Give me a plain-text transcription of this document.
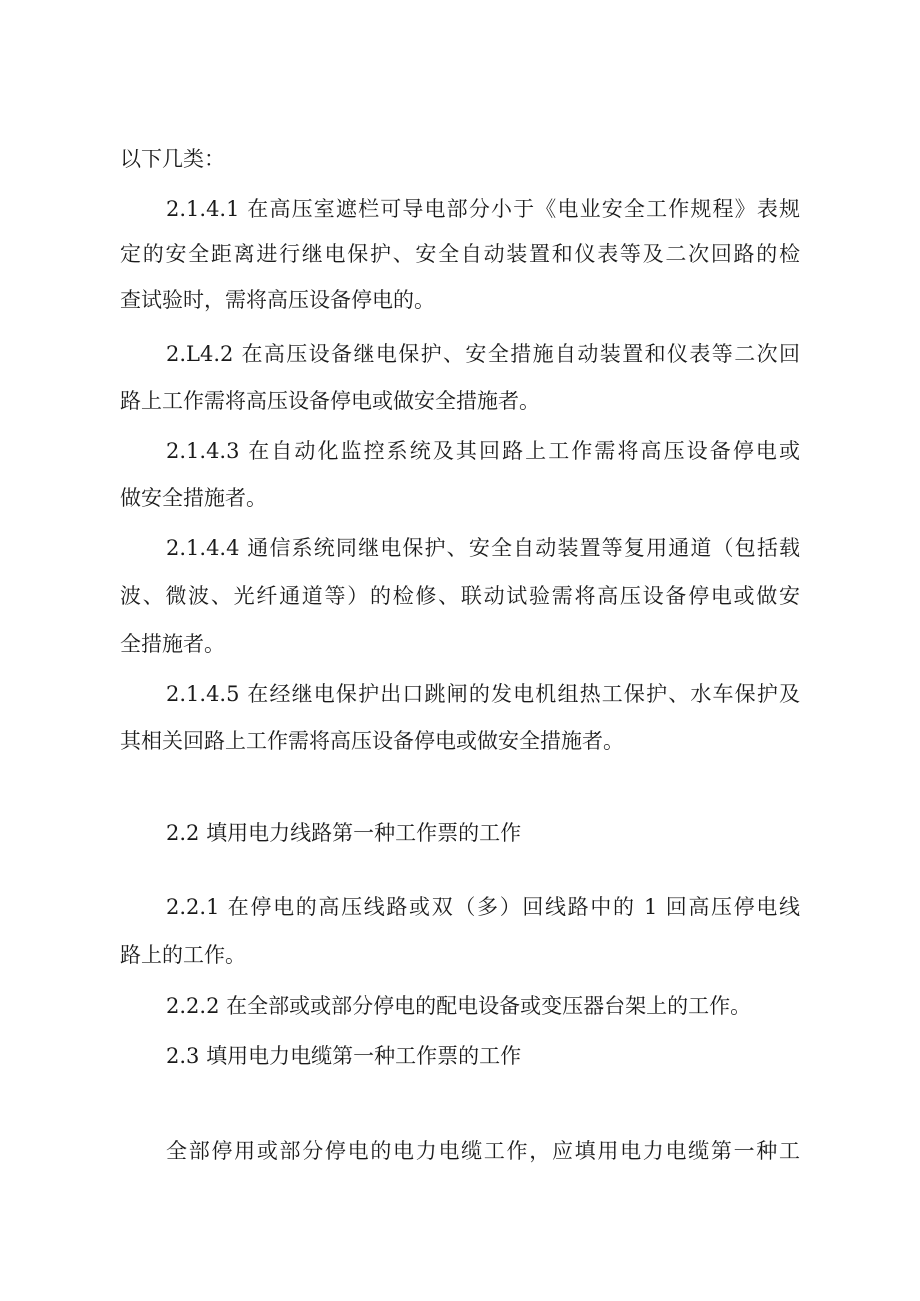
以下几类：

2.1.4.1 在高压室遮栏可导电部分小于《电业安全工作规程》表规

定的安全距离进行继电保护、安全自动装置和仪表等及二次回路的检

查试验时，需将高压设备停电的。

2.L4.2 在高压设备继电保护、安全措施自动装置和仪表等二次回

路上工作需将高压设备停电或做安全措施者。

2.1.4.3 在自动化监控系统及其回路上工作需将高压设备停电或

做安全措施者。

2.1.4.4 通信系统同继电保护、安全自动装置等复用通道（包括载

波、微波、光纤通道等）的检修、联动试验需将高压设备停电或做安

全措施者。

2.1.4.5 在经继电保护出口跳闸的发电机组热工保护、水车保护及

其相关回路上工作需将高压设备停电或做安全措施者。

2.2 填用电力线路第一种工作票的工作

2.2.1 在停电的高压线路或双（多）回线路中的 1 回高压停电线

路上的工作。

2.2.2 在全部或或部分停电的配电设备或变压器台架上的工作。

2.3 填用电力电缆第一种工作票的工作

全部停用或部分停电的电力电缆工作，应填用电力电缆第一种工
